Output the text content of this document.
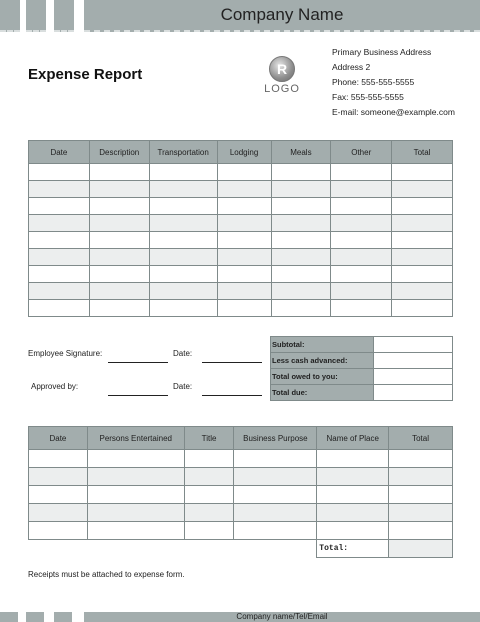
Company Name
Expense Report	R
LOGO
Primary Business Address
Address 2
Phone: 555-555-5555
Fax: 555-555-5555
E-mail: someone@example.com
Date	Description	Transportation	Lodging	Meals	Other	Total

Employee Signature:	Date:
Approved by:	Date:
Subtotal:	
Less cash advanced:	
Total owed to you:	
Total due:	
Date	Persons Entertained	Title	Business Purpose	Name of Place	Total

				Total:	
Receipts must be attached to expense form.
Company name/Tel/Email
